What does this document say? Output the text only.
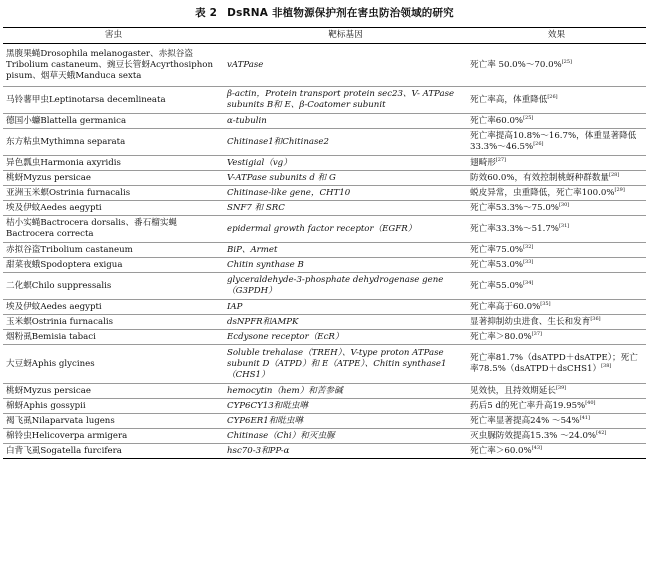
表 2 DsRNA 非植物源保护剂在害虫防治领域的研究
害虫	靶标基因	效果
黑腹果蝇Drosophila melanogaster、赤拟谷盗Tribolium castaneum、豌豆长管蚜Acyrthosiphon pisum、烟草天蛾Manduca sexta	vATPase	死亡率 50.0%～70.0%[25]
马铃薯甲虫Leptinotarsa decemlineata	β-actin，Protein transport protein sec23、V- ATPase subunits B和 E、β-Coatomer subunit	死亡率高，体重降低[26]
德国小蠊Blattella germanica	α-tubulin	死亡率60.0%[25]
东方粘虫Mythimna separata	Chitinase1和Chitinase2	死亡率提高10.8%～16.7%，体重显著降低33.3%～46.5%[26]
异色瓢虫Harmonia axyridis	Vestigial（vg）	翅畸形[27]
桃蚜Myzus persicae	V-ATPase subunits d 和 G	防效60.0%，有效控制桃蚜种群数量[28]
亚洲玉米螟Ostrinia furnacalis	Chitinase-like gene，CHT10	蜕皮异常，虫重降低，死亡率100.0%[29]
埃及伊蚊Aedes aegypti	SNF7 和 SRC	死亡率53.3%～75.0%[30]
桔小实蝇Bactrocera dorsalis、番石榴实蝇Bactrocera correcta	epidermal growth factor receptor（EGFR）	死亡率33.3%～51.7%[31]
赤拟谷盗Tribolium castaneum	BiP、Armet	死亡率75.0%[32]
甜菜夜蛾Spodoptera exigua	Chitin synthase B	死亡率53.0%[33]
二化螟Chilo suppressalis	glyceraldehyde-3-phosphate dehydrogenase gene（G3PDH）	死亡率55.0%[34]
埃及伊蚊Aedes aegypti	IAP	死亡率高于60.0%[35]
玉米螟Ostrinia furnacalis	dsNPFR和AMPK	显著抑制幼虫进食、生长和发育[36]
烟粉虱Bemisia tabaci	Ecdysone receptor（EcR）	死亡率＞80.0%[37]
大豆蚜Aphis glycines	Soluble trehalase（TREH）、V-type proton ATPase subunit D（ATPD）和 E（ATPE）、Chitin synthase1（CHS1）	死亡率81.7%（dsATPD＋dsATPE）；死亡率78.5%（dsATPD＋dsCHS1）[38]
桃蚜Myzus persicae	hemocytin（hem）和苦参碱	见效快，且持效期延长[39]
棉蚜Aphis gossypii	CYP6CY13和吡虫啉	药后5 d的死亡率升高19.95%[40]
褐飞虱Nilaparvata lugens	CYP6ER1和吡虫啉	死亡率显著提高24% ～54%[41]
棉铃虫Helicoverpa armigera	Chitinase（Chi）和灭虫脲	灭虫脲防效提高15.3% ～24.0%[42]
白背飞虱Sogatella furcifera	hsc70-3和PP-α	死亡率＞60.0%[43]
